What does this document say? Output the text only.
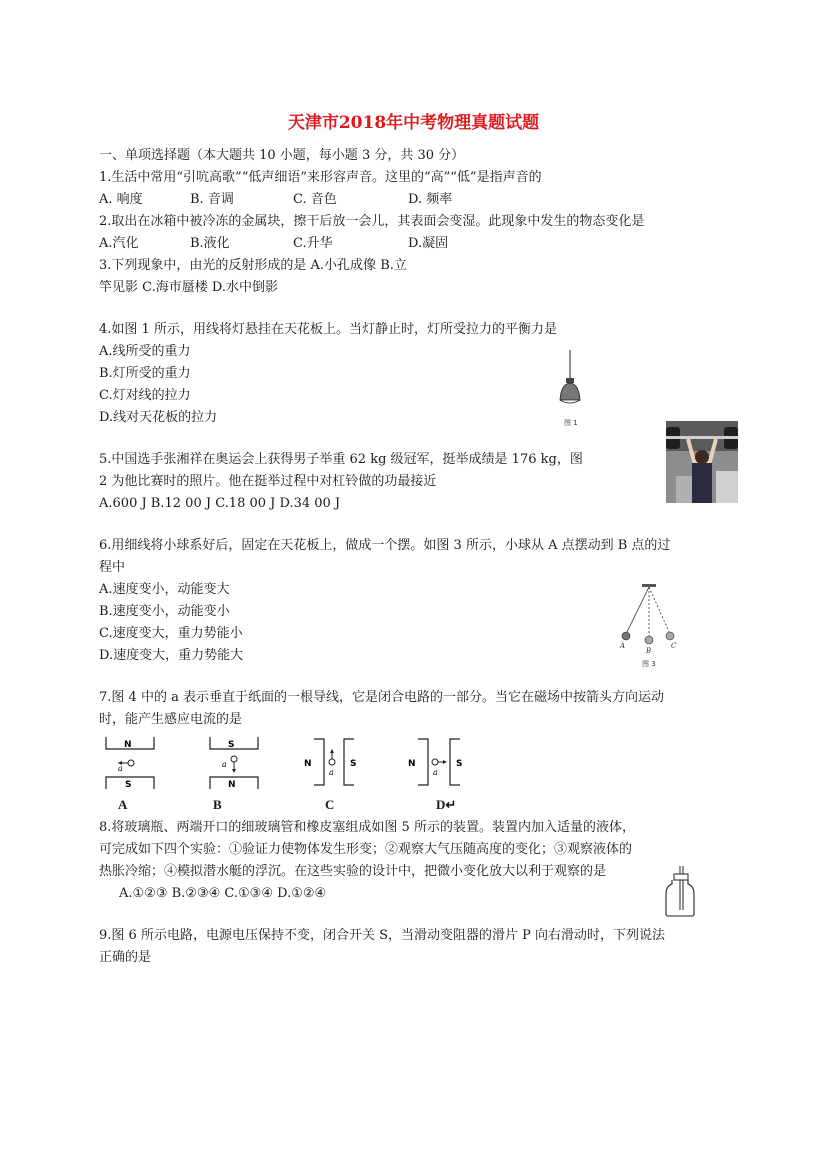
天津市2018年中考物理真题试题
一、单项选择题（本大题共 10 小题，每小题 3 分，共 30 分）
1.生活中常用“引吭高歌”“低声细语”来形容声音。这里的“高”“低”是指声音的
A. 响度	B. 音调	C. 音色	D. 频率
2.取出在冰箱中被冷冻的金属块，擦干后放一会儿，其表面会变湿。此现象中发生的物态变化是
A.汽化	B.液化	C.升华	D.凝固
3.下列现象中，由光的反射形成的是 A.小孔成像 B.立
竿见影 C.海市蜃楼 D.水中倒影
4.如图 1 所示，用线将灯悬挂在天花板上。当灯静止时，灯所受拉力的平衡力是
A.线所受的重力
B.灯所受的重力
C.灯对线的拉力
D.线对天花板的拉力	图 1
5.中国选手张湘祥在奥运会上获得男子举重 62 kg 级冠军，挺举成绩是 176 kg，图
2 为他比赛时的照片。他在挺举过程中对杠铃做的功最接近
A.600 J B.12 00 J C.18 00 J D.34 00 J
6.用细线将小球系好后，固定在天花板上，做成一个摆。如图 3 所示，小球从 A 点摆动到 B 点的过
程中
A.速度变小，动能变大
B.速度变小，动能变小
C.速度变大，重力势能小
D.速度变大，重力势能大
A
B
C
图 3
7.图 4 中的 a 表示垂直于纸面的一根导线，它是闭合电路的一部分。当它在磁场中按箭头方向运动
时，能产生感应电流的是
N
S
a
S
N
a	N	S
a
N	S
a
A	B	C	D↵
8.将玻璃瓶、两端开口的细玻璃管和橡皮塞组成如图 5 所示的装置。装置内加入适量的液体，
可完成如下四个实验：①验证力使物体发生形变；②观察大气压随高度的变化；③观察液体的
热胀冷缩；④模拟潜水艇的浮沉。在这些实验的设计中，把微小变化放大以利于观察的是
A.①②③ B.②③④ C.①③④ D.①②④
9.图 6 所示电路，电源电压保持不变，闭合开关 S，当滑动变阻器的滑片 P 向右滑动时，下列说法
正确的是
